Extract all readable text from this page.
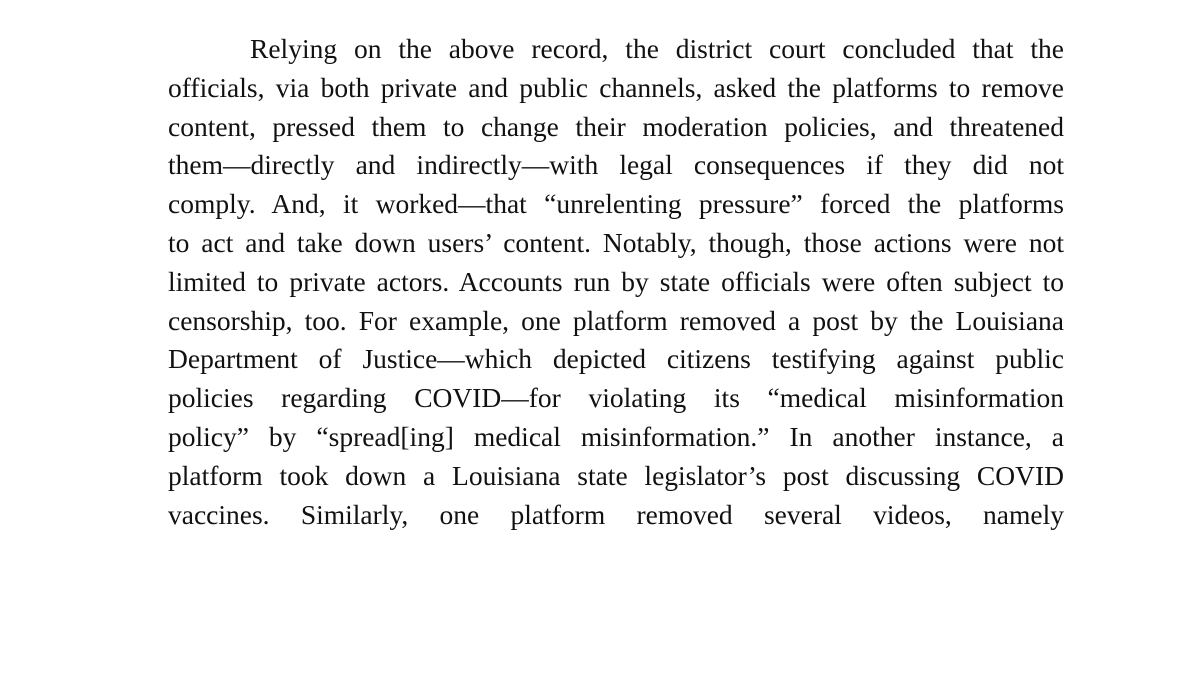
Relying on the above record, the district court concluded that the
officials, via both private and public channels, asked the platforms to remove
content, pressed them to change their moderation policies, and threatened
them—directly and indirectly—with legal consequences if they did not
comply. And, it worked—that “unrelenting pressure” forced the platforms
to act and take down users’ content. Notably, though, those actions were not
limited to private actors. Accounts run by state officials were often subject to
censorship, too. For example, one platform removed a post by the Louisiana
Department of Justice—which depicted citizens testifying against public
policies regarding COVID—for violating its “medical misinformation
policy” by “spread[ing] medical misinformation.” In another instance, a
platform took down a Louisiana state legislator’s post discussing COVID
vaccines. Similarly, one platform removed several videos, namely
